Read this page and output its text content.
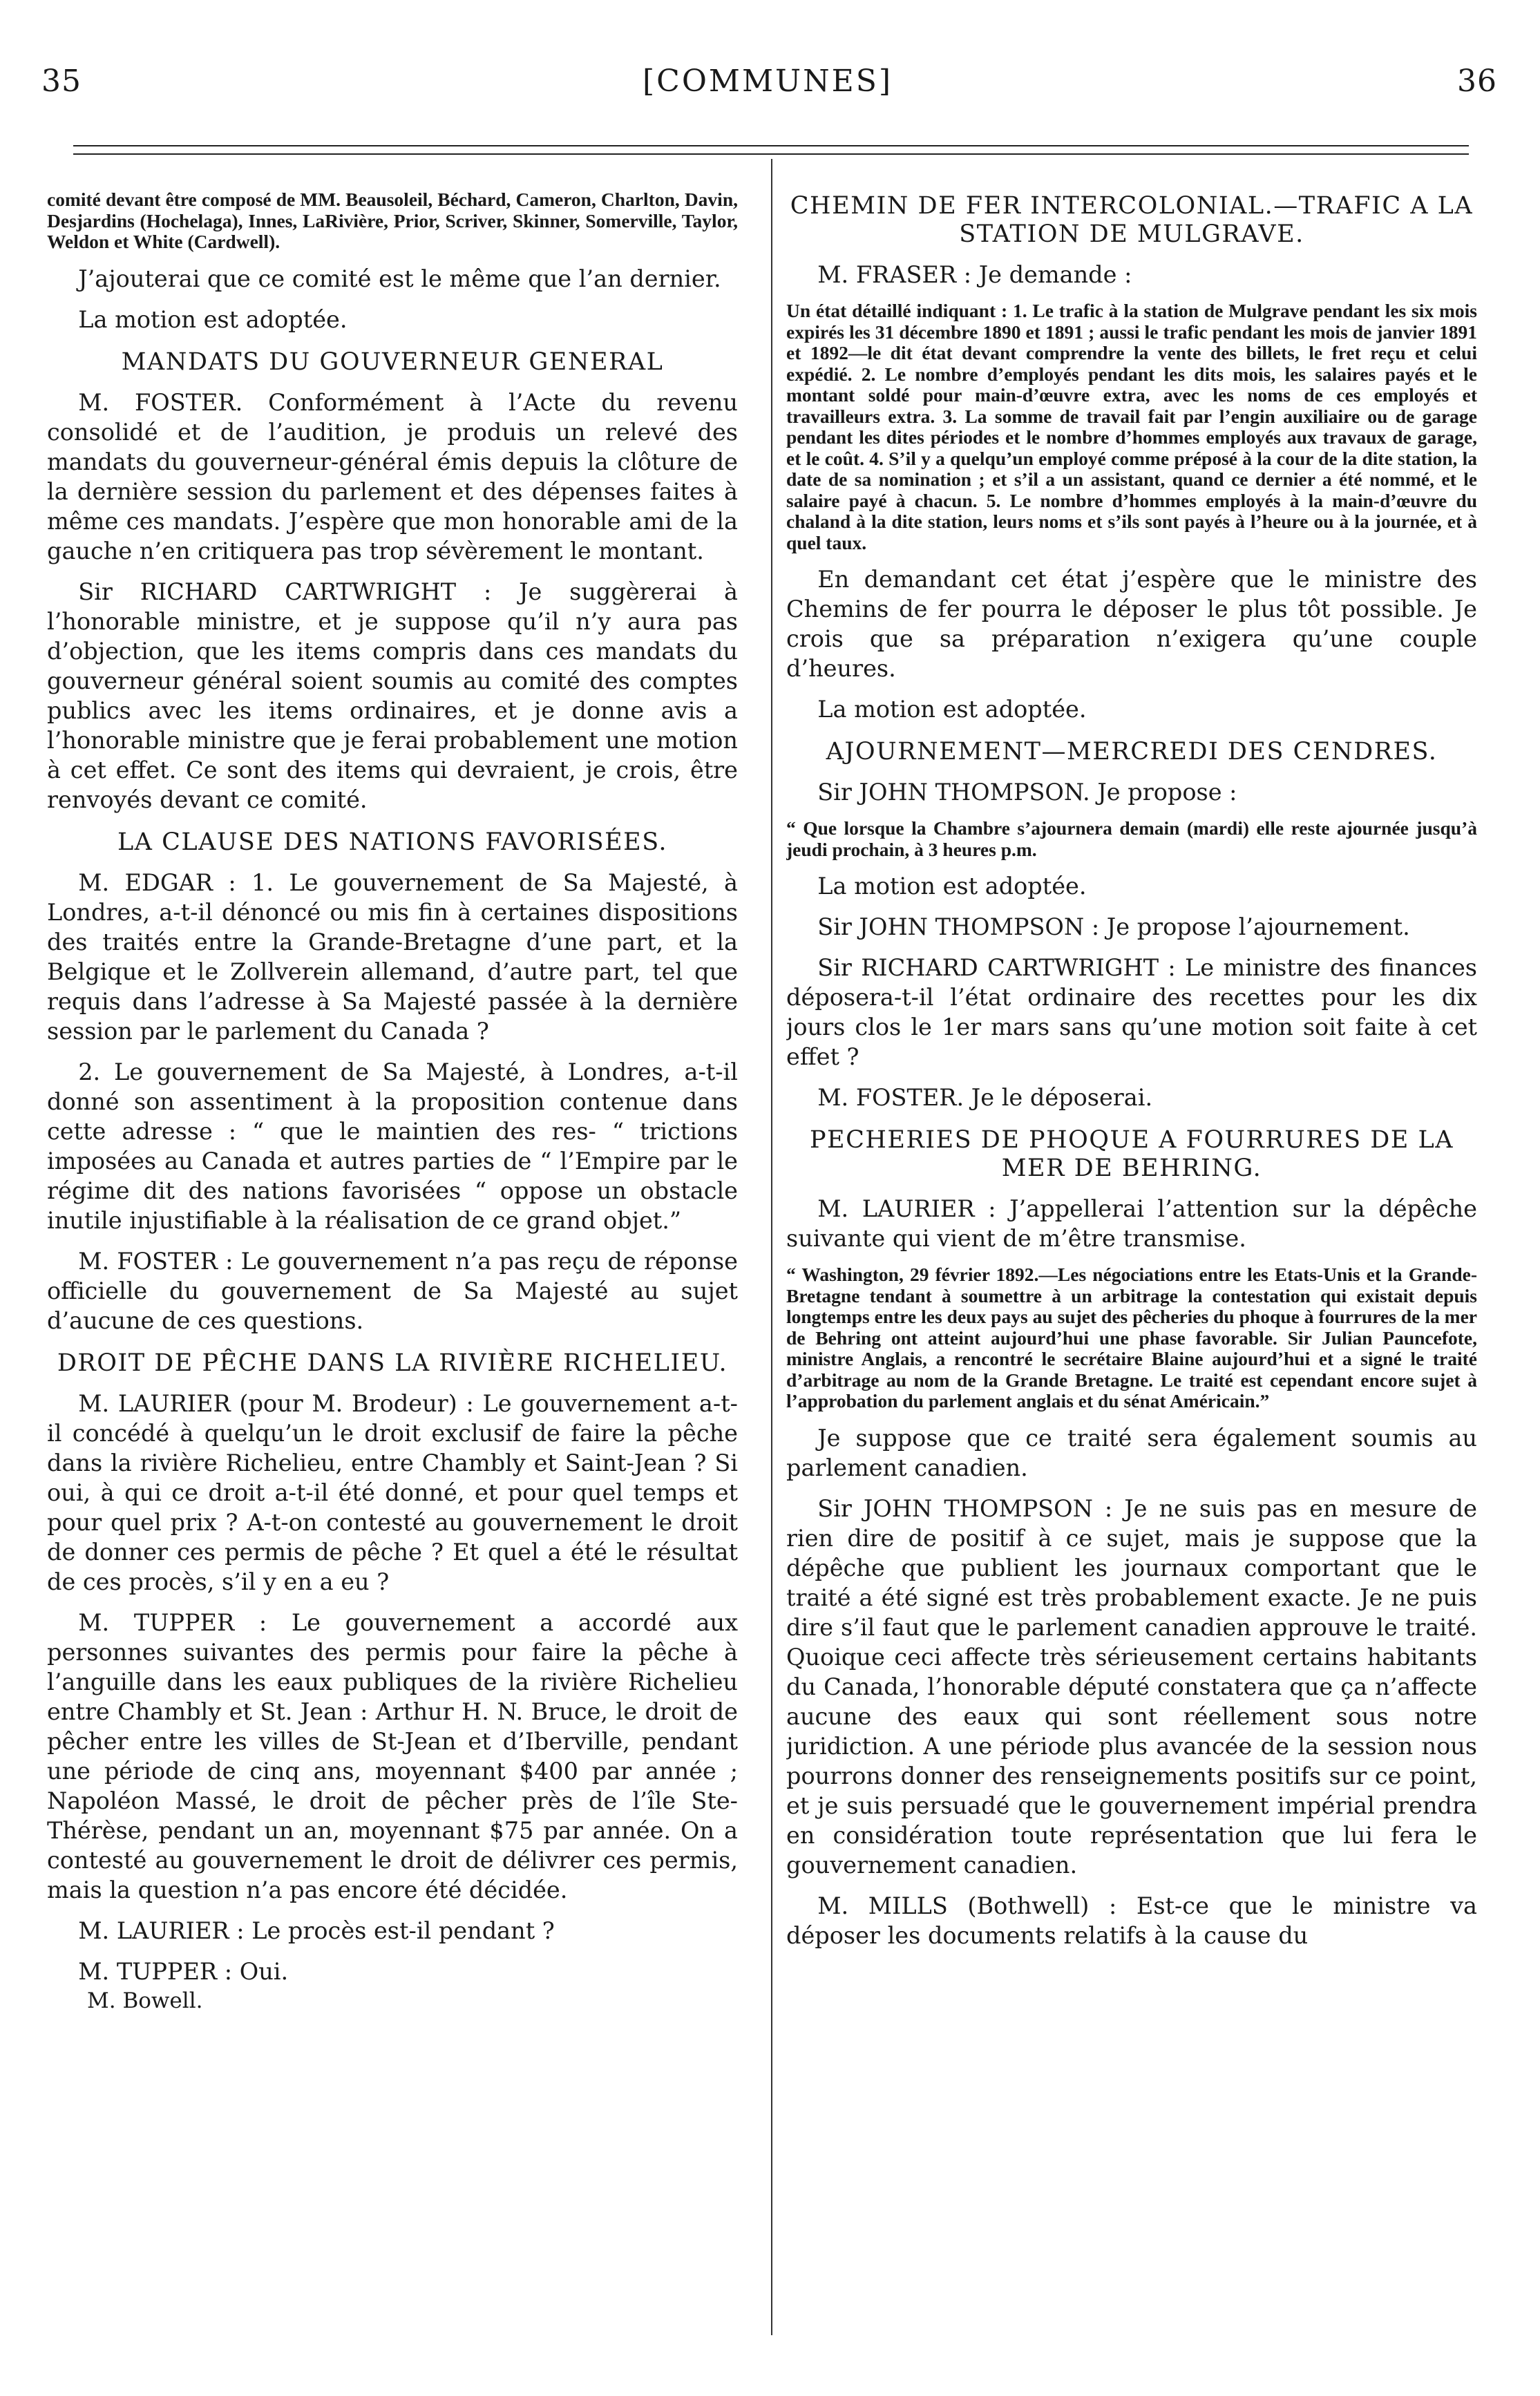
35	[COMMUNES]	36

comité devant être composé de MM. Beausoleil, Béchard, Cameron, Charlton, Davin, Desjardins (Hochelaga), Innes, LaRivière, Prior, Scriver, Skinner, Somerville, Taylor, Weldon et White (Cardwell).

J’ajouterai que ce comité est le même que l’an dernier.

La motion est adoptée.

MANDATS DU GOUVERNEUR GENERAL

M. FOSTER. Conformément à l’Acte du revenu consolidé et de l’audition, je produis un relevé des mandats du gouverneur-général émis depuis la clôture de la dernière session du parlement et des dépenses faites à même ces mandats. J’espère que mon honorable ami de la gauche n’en critiquera pas trop sévèrement le montant.

Sir RICHARD CARTWRIGHT : Je suggèrerai à l’honorable ministre, et je suppose qu’il n’y aura pas d’objection, que les items compris dans ces mandats du gouverneur général soient soumis au comité des comptes publics avec les items ordinaires, et je donne avis a l’honorable ministre que je ferai probablement une motion à cet effet. Ce sont des items qui devraient, je crois, être renvoyés devant ce comité.

LA CLAUSE DES NATIONS FAVORISÉES.

M. EDGAR : 1. Le gouvernement de Sa Majesté, à Londres, a-t-il dénoncé ou mis fin à certaines dispositions des traités entre la Grande-Bretagne d’une part, et la Belgique et le Zollverein allemand, d’autre part, tel que requis dans l’adresse à Sa Majesté passée à la dernière session par le parlement du Canada ?

2. Le gouvernement de Sa Majesté, à Londres, a-t-il donné son assentiment à la proposition contenue dans cette adresse : “ que le maintien des res- “ trictions imposées au Canada et autres parties de “ l’Empire par le régime dit des nations favorisées “ oppose un obstacle inutile injustifiable à la réalisation de ce grand objet.”

M. FOSTER : Le gouvernement n’a pas reçu de réponse officielle du gouvernement de Sa Majesté au sujet d’aucune de ces questions.

DROIT DE PÊCHE DANS LA RIVIÈRE RICHELIEU.

M. LAURIER (pour M. Brodeur) : Le gouvernement a-t-il concédé à quelqu’un le droit exclusif de faire la pêche dans la rivière Richelieu, entre Chambly et Saint-Jean ? Si oui, à qui ce droit a-t-il été donné, et pour quel temps et pour quel prix ? A-t-on contesté au gouvernement le droit de donner ces permis de pêche ? Et quel a été le résultat de ces procès, s’il y en a eu ?

M. TUPPER : Le gouvernement a accordé aux personnes suivantes des permis pour faire la pêche à l’anguille dans les eaux publiques de la rivière Richelieu entre Chambly et St. Jean : Arthur H. N. Bruce, le droit de pêcher entre les villes de St-Jean et d’Iberville, pendant une période de cinq ans, moyennant $400 par année ; Napoléon Massé, le droit de pêcher près de l’île Ste-Thérèse, pendant un an, moyennant $75 par année. On a contesté au gouvernement le droit de délivrer ces permis, mais la question n’a pas encore été décidée.

M. LAURIER : Le procès est-il pendant ?

M. TUPPER : Oui.

M. Bowell.

CHEMIN DE FER INTERCOLONIAL.—TRAFIC A LA STATION DE MULGRAVE.

M. FRASER : Je demande :

Un état détaillé indiquant : 1. Le trafic à la station de Mulgrave pendant les six mois expirés les 31 décembre 1890 et 1891 ; aussi le trafic pendant les mois de janvier 1891 et 1892—le dit état devant comprendre la vente des billets, le fret reçu et celui expédié. 2. Le nombre d’employés pendant les dits mois, les salaires payés et le montant soldé pour main-d’œuvre extra, avec les noms de ces employés et travailleurs extra. 3. La somme de travail fait par l’engin auxiliaire ou de garage pendant les dites périodes et le nombre d’hommes employés aux travaux de garage, et le coût. 4. S’il y a quelqu’un employé comme préposé à la cour de la dite station, la date de sa nomination ; et s’il a un assistant, quand ce dernier a été nommé, et le salaire payé à chacun. 5. Le nombre d’hommes employés à la main-d’œuvre du chaland à la dite station, leurs noms et s’ils sont payés à l’heure ou à la journée, et à quel taux.

En demandant cet état j’espère que le ministre des Chemins de fer pourra le déposer le plus tôt possible. Je crois que sa préparation n’exigera qu’une couple d’heures.

La motion est adoptée.

AJOURNEMENT—MERCREDI DES CENDRES.

Sir JOHN THOMPSON. Je propose :

“ Que lorsque la Chambre s’ajournera demain (mardi) elle reste ajournée jusqu’à jeudi prochain, à 3 heures p.m.

La motion est adoptée.

Sir JOHN THOMPSON : Je propose l’ajournement.

Sir RICHARD CARTWRIGHT : Le ministre des finances déposera-t-il l’état ordinaire des recettes pour les dix jours clos le 1er mars sans qu’une motion soit faite à cet effet ?

M. FOSTER. Je le déposerai.

PECHERIES DE PHOQUE A FOURRURES DE LA MER DE BEHRING.

M. LAURIER : J’appellerai l’attention sur la dépêche suivante qui vient de m’être transmise.

“ Washington, 29 février 1892.—Les négociations entre les Etats-Unis et la Grande-Bretagne tendant à soumettre à un arbitrage la contestation qui existait depuis longtemps entre les deux pays au sujet des pêcheries du phoque à fourrures de la mer de Behring ont atteint aujourd’hui une phase favorable. Sir Julian Pauncefote, ministre Anglais, a rencontré le secrétaire Blaine aujourd’hui et a signé le traité d’arbitrage au nom de la Grande Bretagne. Le traité est cependant encore sujet à l’approbation du parlement anglais et du sénat Américain.”

Je suppose que ce traité sera également soumis au parlement canadien.

Sir JOHN THOMPSON : Je ne suis pas en mesure de rien dire de positif à ce sujet, mais je suppose que la dépêche que publient les journaux comportant que le traité a été signé est très probablement exacte. Je ne puis dire s’il faut que le parlement canadien approuve le traité. Quoique ceci affecte très sérieusement certains habitants du Canada, l’honorable député constatera que ça n’affecte aucune des eaux qui sont réellement sous notre juridiction. A une période plus avancée de la session nous pourrons donner des renseignements positifs sur ce point, et je suis persuadé que le gouvernement impérial prendra en considération toute représentation que lui fera le gouvernement canadien.

M. MILLS (Bothwell) : Est-ce que le ministre va déposer les documents relatifs à la cause du
